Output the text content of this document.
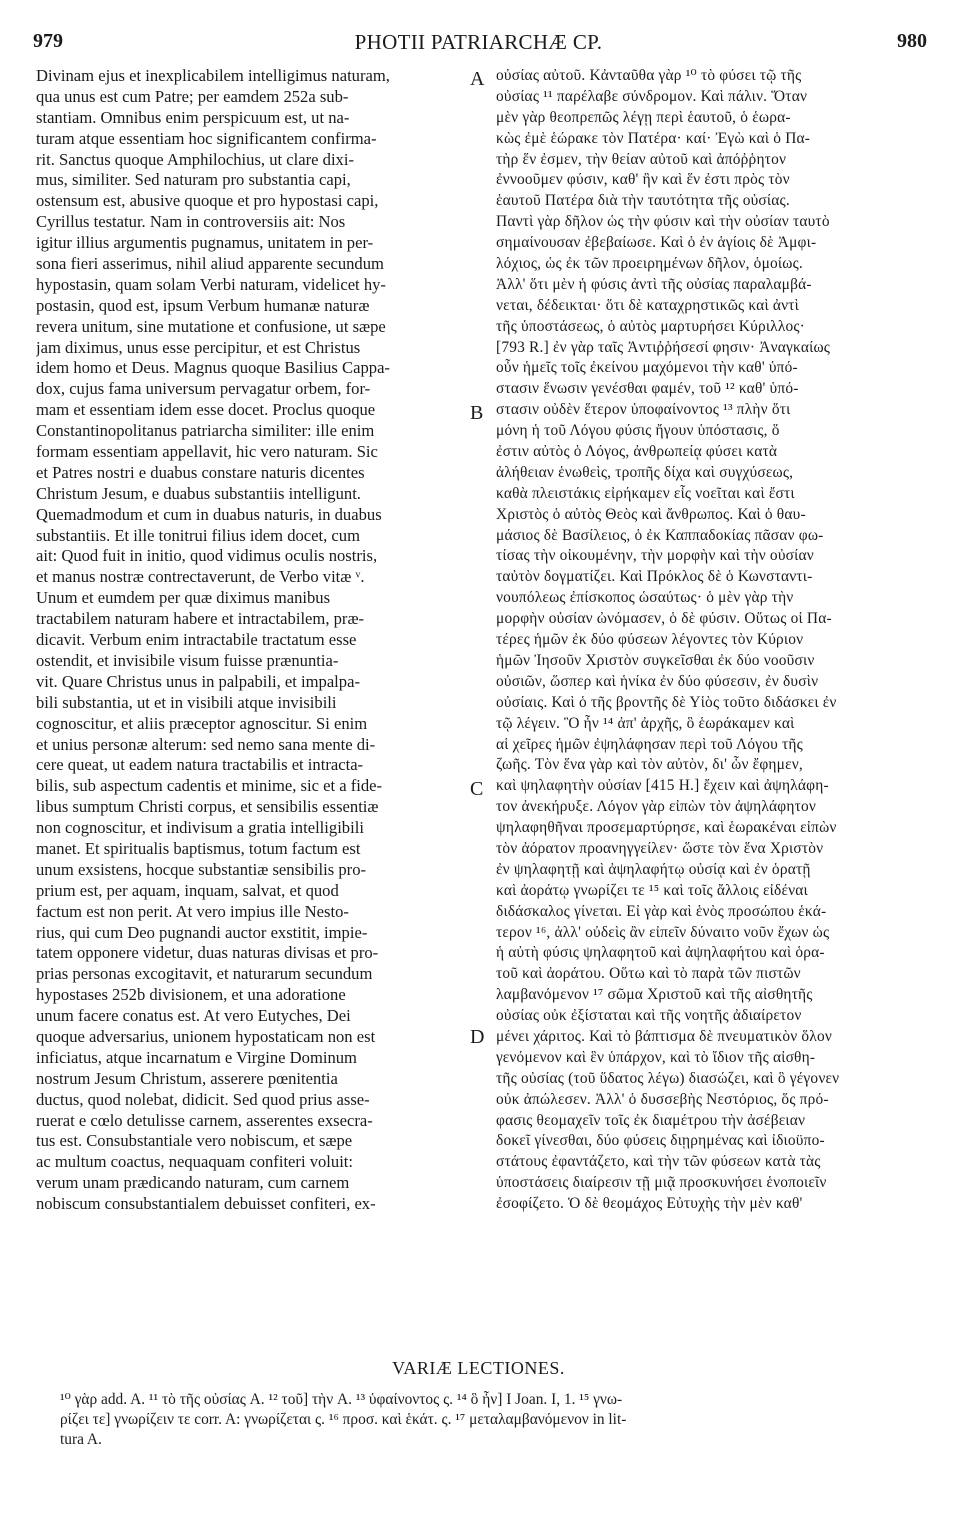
979	PHOTII PATRIARCHÆ CP.	980
Divinam ejus et inexplicabilem intelligimus naturam,
qua unus est cum Patre; per eamdem 252a sub-
stantiam. Omnibus enim perspicuum est, ut na-
turam atque essentiam hoc significantem confirma-
rit. Sanctus quoque Amphilochius, ut clare dixi-
mus, similiter. Sed naturam pro substantia capi,
ostensum est, abusive quoque et pro hypostasi capi,
Cyrillus testatur. Nam in controversiis ait: Nos
igitur illius argumentis pugnamus, unitatem in per-
sona fieri asserimus, nihil aliud apparente secundum
hypostasin, quam solam Verbi naturam, videlicet hy-
postasin, quod est, ipsum Verbum humanæ naturæ
revera unitum, sine mutatione et confusione, ut sæpe
jam diximus, unus esse percipitur, et est Christus
idem homo et Deus. Magnus quoque Basilius Cappa-
dox, cujus fama universum pervagatur orbem, for-
mam et essentiam idem esse docet. Proclus quoque
Constantinopolitanus patriarcha similiter: ille enim
formam essentiam appellavit, hic vero naturam. Sic
et Patres nostri e duabus constare naturis dicentes
Christum Jesum, e duabus substantiis intelligunt.
Quemadmodum et cum in duabus naturis, in duabus
substantiis. Et ille tonitrui filius idem docet, cum
ait: Quod fuit in initio, quod vidimus oculis nostris,
et manus nostræ contrectaverunt, de Verbo vitæ ᵛ.
Unum et eumdem per quæ diximus manibus
tractabilem naturam habere et intractabilem, præ-
dicavit. Verbum enim intractabile tractatum esse
ostendit, et invisibile visum fuisse prænuntia-
vit. Quare Christus unus in palpabili, et impalpa-
bili substantia, ut et in visibili atque invisibili
cognoscitur, et aliis præceptor agnoscitur. Si enim
et unius personæ alterum: sed nemo sana mente di-
cere queat, ut eadem natura tractabilis et intracta-
bilis, sub aspectum cadentis et minime, sic et a fide-
libus sumptum Christi corpus, et sensibilis essentiæ
non cognoscitur, et indivisum a gratia intelligibili
manet. Et spiritualis baptismus, totum factum est
unum exsistens, hocque substantiæ sensibilis pro-
prium est, per aquam, inquam, salvat, et quod
factum est non perit. At vero impius ille Nesto-
rius, qui cum Deo pugnandi auctor exstitit, impie-
tatem opponere videtur, duas naturas divisas et pro-
prias personas excogitavit, et naturarum secundum
hypostases 252b divisionem, et una adoratione
unum facere conatus est. At vero Eutyches, Dei
quoque adversarius, unionem hypostaticam non est
inficiatus, atque incarnatum e Virgine Dominum
nostrum Jesum Christum, asserere pœnitentia
ductus, quod nolebat, didicit. Sed quod prius asse-
ruerat e cœlo detulisse carnem, asserentes exsecra-
tus est. Consubstantiale vero nobiscum, et sæpe
ac multum coactus, nequaquam confiteri voluit:
verum unam prædicando naturam, cum carnem
nobiscum consubstantialem debuisset confiteri, ex-
οὐσίας αὐτοῦ. Κἀνταῦθα γὰρ ¹⁰ τὸ φύσει τῷ τῆς
οὐσίας ¹¹ παρέλαβε σύνδρομον. Καὶ πάλιν. Ὅταν
μὲν γὰρ θεοπρεπῶς λέγῃ περὶ ἑαυτοῦ, ὁ ἑωρα-
κὼς ἐμὲ ἑώρακε τὸν Πατέρα· καί· Ἐγὼ καὶ ὁ Πα-
τὴρ ἕν ἐσμεν, τὴν θείαν αὐτοῦ καὶ ἀπόῤῥητον
ἐννοοῦμεν φύσιν, καθ' ἣν καὶ ἕν ἐστι πρὸς τὸν
ἑαυτοῦ Πατέρα διὰ τὴν ταυτότητα τῆς οὐσίας.
Παντὶ γὰρ δῆλον ὡς τὴν φύσιν καὶ τὴν οὐσίαν ταυτὸ
σημαίνουσαν ἐβεβαίωσε. Καὶ ὁ ἐν ἁγίοις δὲ Ἀμφι-
λόχιος, ὡς ἐκ τῶν προειρημένων δῆλον, ὁμοίως.
Ἀλλ' ὅτι μὲν ἡ φύσις ἀντὶ τῆς οὐσίας παραλαμβά-
νεται, δέδεικται· ὅτι δὲ καταχρηστικῶς καὶ ἀντὶ
τῆς ὑποστάσεως, ὁ αὐτὸς μαρτυρήσει Κύριλλος·
[793 R.] ἐν γὰρ ταῖς Ἀντιῤῥήσεσί φησιν· Ἀναγκαίως
οὖν ἡμεῖς τοῖς ἐκείνου μαχόμενοι τὴν καθ' ὑπό-
στασιν ἕνωσιν γενέσθαι φαμέν, τοῦ ¹² καθ' ὑπό-
στασιν οὐδὲν ἕτερον ὑποφαίνοντος ¹³ πλὴν ὅτι
μόνη ἡ τοῦ Λόγου φύσις ἤγουν ὑπόστασις, ὅ
ἐστιν αὐτὸς ὁ Λόγος, ἀνθρωπείᾳ φύσει κατὰ
ἀλήθειαν ἑνωθεὶς, τροπῆς δίχα καὶ συγχύσεως,
καθὰ πλειστάκις εἰρήκαμεν εἷς νοεῖται καὶ ἔστι
Χριστὸς ὁ αὐτὸς Θεὸς καὶ ἄνθρωπος. Καὶ ὁ θαυ-
μάσιος δὲ Βασίλειος, ὁ ἐκ Καππαδοκίας πᾶσαν φω-
τίσας τὴν οἰκουμένην, τὴν μορφὴν καὶ τὴν οὐσίαν
ταὐτὸν δογματίζει. Καὶ Πρόκλος δὲ ὁ Κωνσταντι-
νουπόλεως ἐπίσκοπος ὡσαύτως· ὁ μὲν γὰρ τὴν
μορφὴν οὐσίαν ὠνόμασεν, ὁ δὲ φύσιν. Οὕτως οἱ Πα-
τέρες ἡμῶν ἐκ δύο φύσεων λέγοντες τὸν Κύριον
ἡμῶν Ἰησοῦν Χριστὸν συγκεῖσθαι ἐκ δύο νοοῦσιν
οὐσιῶν, ὥσπερ καὶ ἡνίκα ἐν δύο φύσεσιν, ἐν δυσὶν
οὐσίαις. Καὶ ὁ τῆς βροντῆς δὲ Υἱὸς τοῦτο διδάσκει ἐν
τῷ λέγειν. Ὃ ἦν ¹⁴ ἀπ' ἀρχῆς, ὃ ἑωράκαμεν καὶ
αἱ χεῖρες ἡμῶν ἐψηλάφησαν περὶ τοῦ Λόγου τῆς
ζωῆς. Τὸν ἕνα γὰρ καὶ τὸν αὐτὸν, δι' ὧν ἔφημεν,
καὶ ψηλαφητὴν οὐσίαν [415 H.] ἔχειν καὶ ἀψηλάφη-
τον ἀνεκήρυξε. Λόγον γὰρ εἰπὼν τὸν ἀψηλάφητον
ψηλαφηθῆναι προσεμαρτύρησε, καὶ ἑωρακέναι εἰπὼν
τὸν ἀόρατον προανηγγείλεν· ὥστε τὸν ἕνα Χριστὸν
ἐν ψηλαφητῇ καὶ ἀψηλαφήτῳ οὐσίᾳ καὶ ἐν ὁρατῇ
καὶ ἀοράτῳ γνωρίζει τε ¹⁵ καὶ τοῖς ἄλλοις εἰδέναι
διδάσκαλος γίνεται. Εἰ γὰρ καὶ ἑνὸς προσώπου ἑκά-
τερον ¹⁶, ἀλλ' οὐδεὶς ἂν εἰπεῖν δύναιτο νοῦν ἔχων ὡς
ἡ αὐτὴ φύσις ψηλαφητοῦ καὶ ἀψηλαφήτου καὶ ὁρα-
τοῦ καὶ ἀοράτου. Οὕτω καὶ τὸ παρὰ τῶν πιστῶν
λαμβανόμενον ¹⁷ σῶμα Χριστοῦ καὶ τῆς αἰσθητῆς
οὐσίας οὐκ ἐξίσταται καὶ τῆς νοητῆς ἀδιαίρετον
μένει χάριτος. Καὶ τὸ βάπτισμα δὲ πνευματικὸν ὅλον
γενόμενον καὶ ἓν ὑπάρχον, καὶ τὸ ἴδιον τῆς αἰσθη-
τῆς οὐσίας (τοῦ ὕδατος λέγω) διασώζει, καὶ ὃ γέγονεν
οὐκ ἀπώλεσεν. Ἀλλ' ὁ δυσσεβὴς Νεστόριος, ὅς πρό-
φασις θεομαχεῖν τοῖς ἐκ διαμέτρου τὴν ἀσέβειαν
δοκεῖ γίνεσθαι, δύο φύσεις διῃρημένας καὶ ἰδιοϋπο-
στάτους ἐφαντάζετο, καὶ τὴν τῶν φύσεων κατὰ τὰς
ὑποστάσεις διαίρεσιν τῇ μιᾷ προσκυνήσει ἑνοποιεῖν
ἐσοφίζετο. Ὁ δὲ θεομάχος Εὐτυχὴς τὴν μὲν καθ'
A
B
C
D
VARIÆ LECTIONES.
¹⁰ γὰρ add. A. ¹¹ τὸ τῆς οὐσίας A. ¹² τοῦ] τὴν A. ¹³ ὑφαίνοντος ς. ¹⁴ ὃ ἦν] I Joan. I, 1. ¹⁵ γνω-
ρίζει τε] γνωρίζειν τε corr. A: γνωρίζεται ς. ¹⁶ προσ. καὶ ἑκάτ. ς. ¹⁷ μεταλαμβανόμενον in lit-
tura A.
